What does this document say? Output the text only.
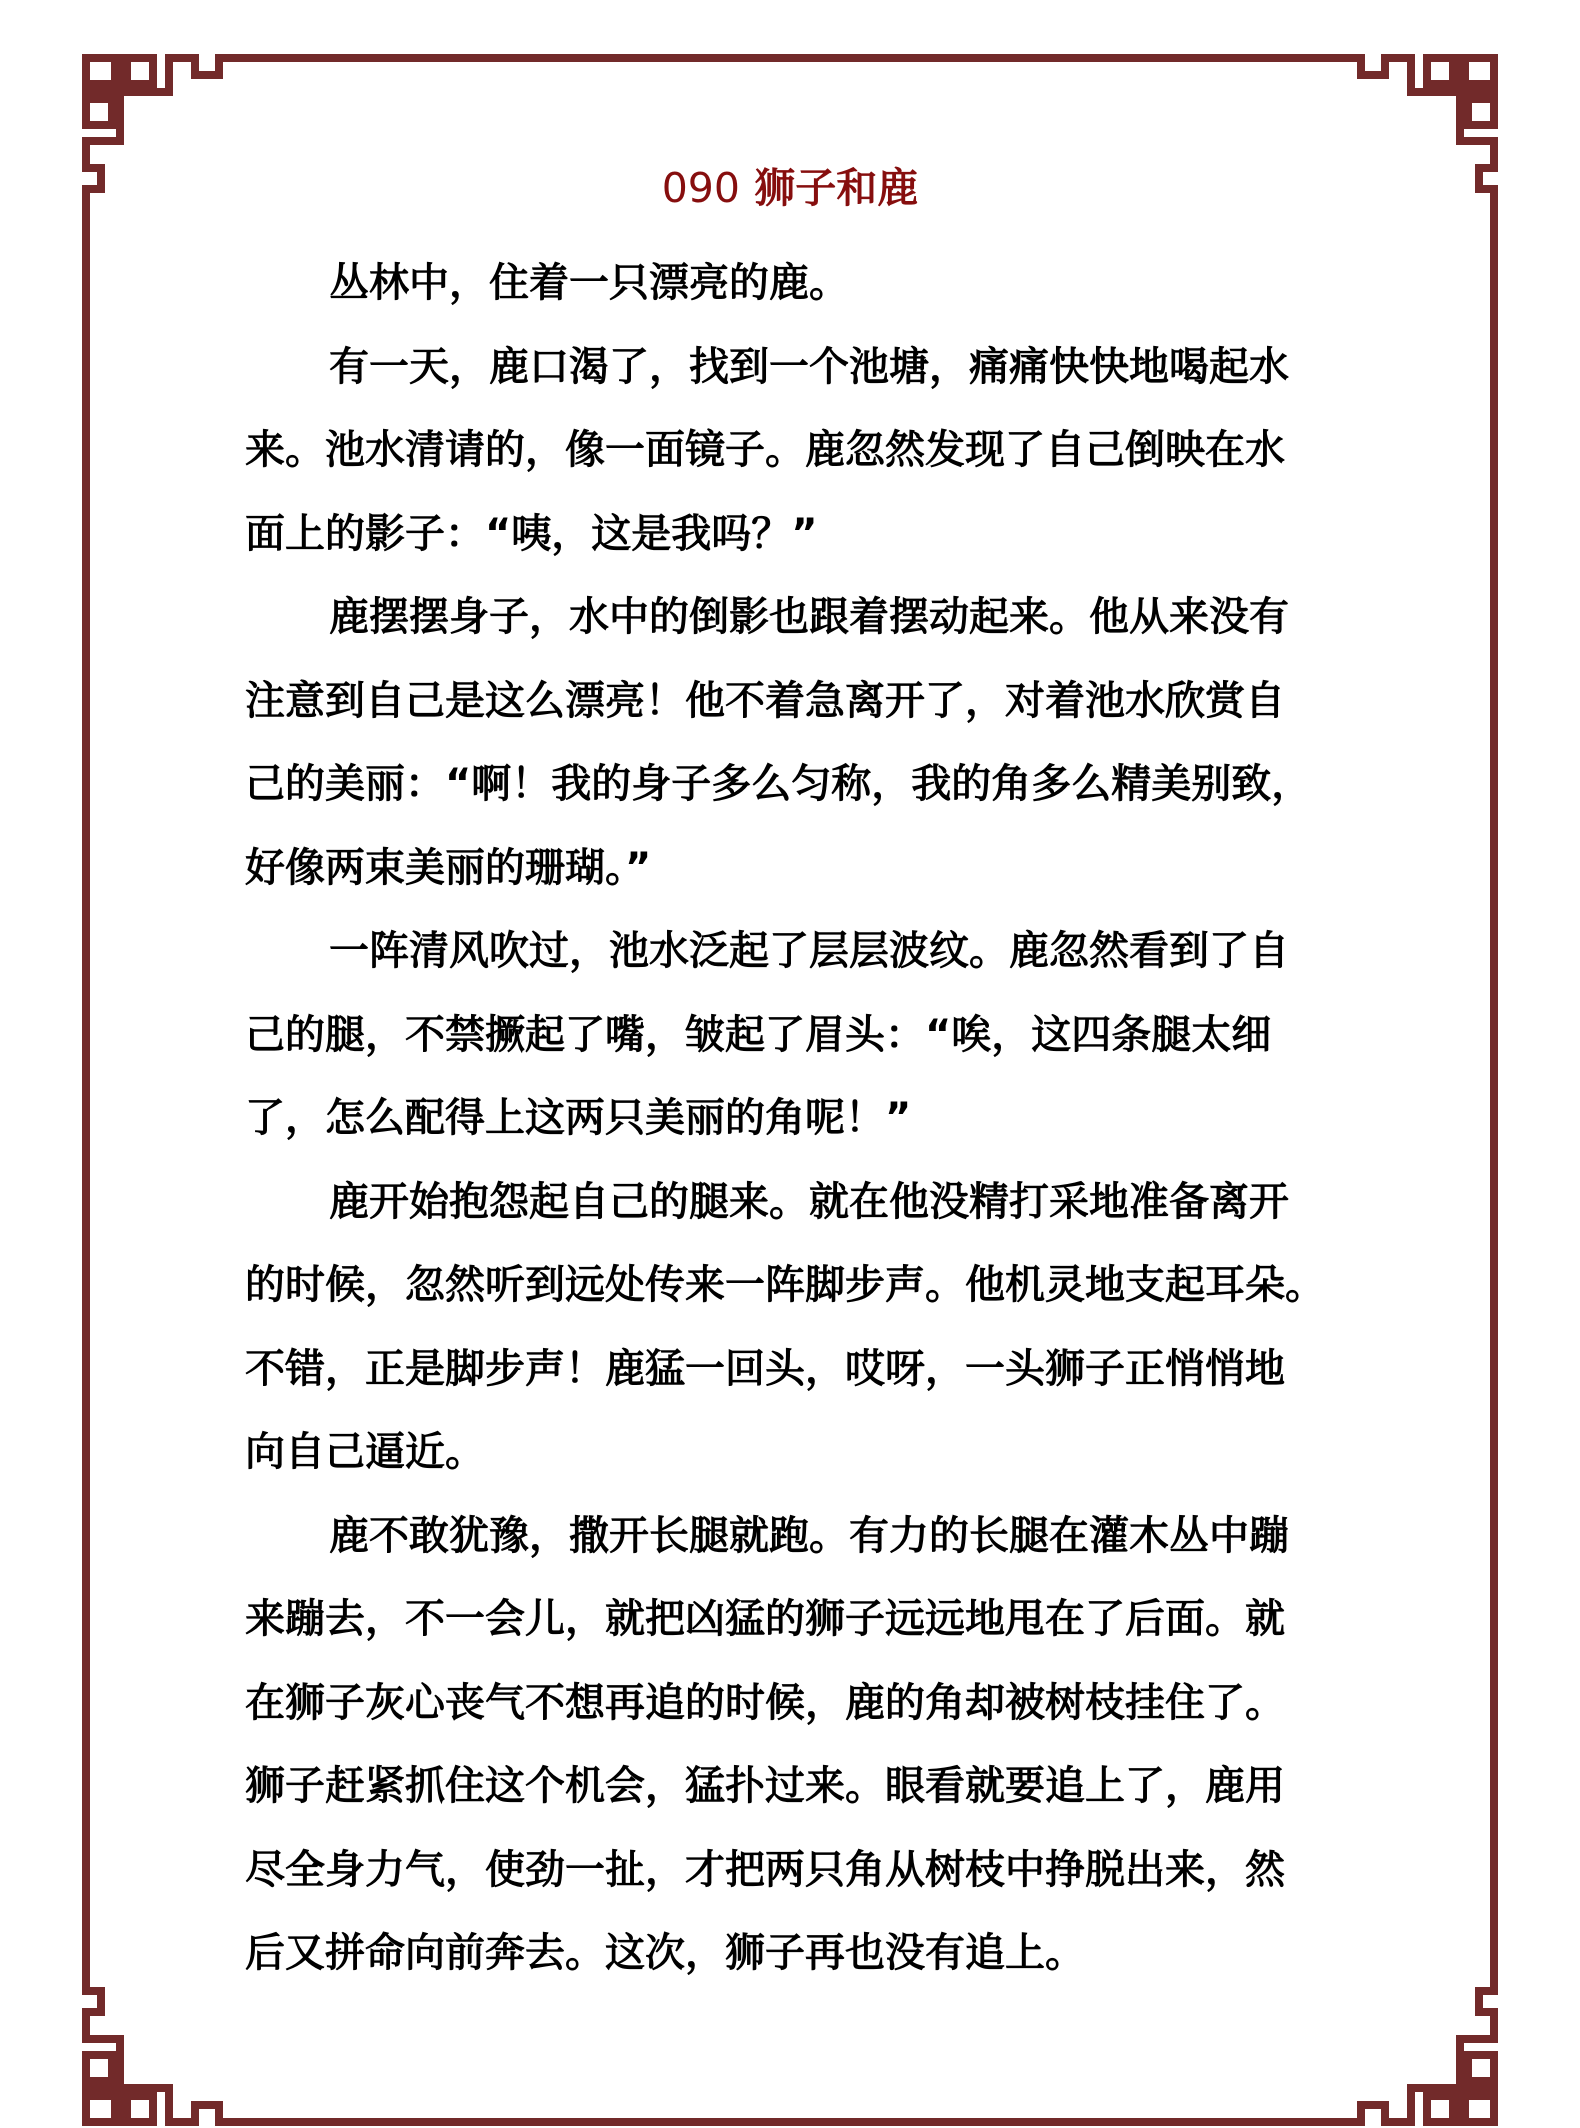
090 狮子和鹿
丛林中，住着一只漂亮的鹿。
有一天，鹿口渴了，找到一个池塘，痛痛快快地喝起水
来。池水清请的，像一面镜子。鹿忽然发现了自己倒映在水
面上的影子：“咦，这是我吗？”
鹿摆摆身子，水中的倒影也跟着摆动起来。他从来没有
注意到自己是这么漂亮！他不着急离开了，对着池水欣赏自
己的美丽：“啊！我的身子多么匀称，我的角多么精美别致，
好像两束美丽的珊瑚。”
一阵清风吹过，池水泛起了层层波纹。鹿忽然看到了自
己的腿，不禁撅起了嘴，皱起了眉头：“唉，这四条腿太细
了，怎么配得上这两只美丽的角呢！”
鹿开始抱怨起自己的腿来。就在他没精打采地准备离开
的时候，忽然听到远处传来一阵脚步声。他机灵地支起耳朵。
不错，正是脚步声！鹿猛一回头，哎呀，一头狮子正悄悄地
向自己逼近。
鹿不敢犹豫，撒开长腿就跑。有力的长腿在灌木丛中蹦
来蹦去，不一会儿，就把凶猛的狮子远远地甩在了后面。就
在狮子灰心丧气不想再追的时候，鹿的角却被树枝挂住了。
狮子赶紧抓住这个机会，猛扑过来。眼看就要追上了，鹿用
尽全身力气，使劲一扯，才把两只角从树枝中挣脱出来，然
后又拼命向前奔去。这次，狮子再也没有追上。
